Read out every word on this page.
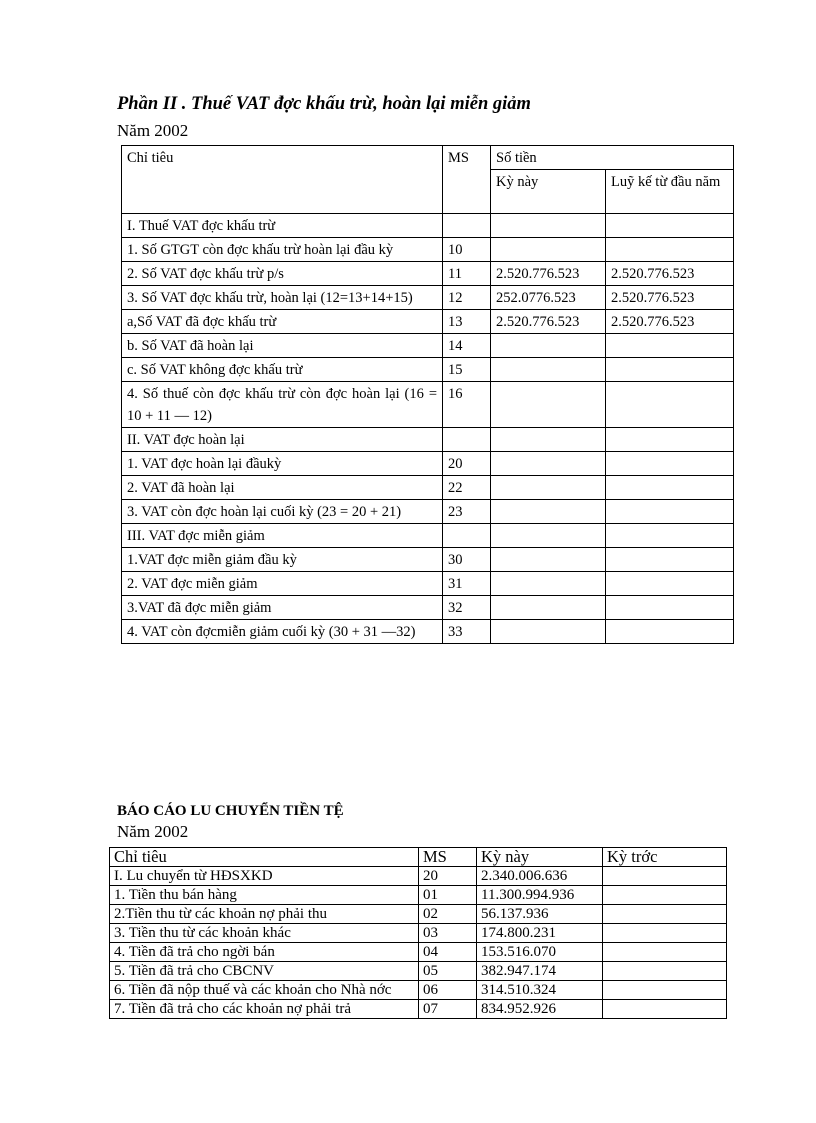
Phần II . Thuế VAT đợc khấu trừ, hoàn lại miễn giảm
Năm 2002
Chỉ tiêu	MS	Số tiền	
		Kỳ này	Luỹ kế từ đầu năm
I. Thuế VAT đợc khấu trừ			
1. Số GTGT còn đợc khấu trừ hoàn lại đầu kỳ	10		
2. Số VAT đợc khấu trừ p/s	11	2.520.776.523	2.520.776.523
3. Số VAT đợc khấu trừ, hoàn lại (12=13+14+15)	12	252.0776.523	2.520.776.523
a,Số VAT đã đợc khấu trừ	13	2.520.776.523	2.520.776.523
b. Số VAT đã hoàn lại	14		
c. Số VAT không đợc khấu trừ	15		
4. Số thuế còn đợc khấu trừ còn đợc hoàn lại (16 = 10 + 11 — 12)	16		
II. VAT đợc hoàn lại			
1. VAT đợc hoàn lại đầukỳ	20		
2. VAT đã hoàn lại	22		
3. VAT còn đợc hoàn lại cuối kỳ (23 = 20 + 21)	23		
III. VAT đợc miễn giảm			
1.VAT đợc miễn giảm đầu kỳ	30		
2. VAT đợc miễn giảm	31		
3.VAT đã đợc miễn giảm	32		
4. VAT còn đợcmiễn giảm cuối kỳ (30 + 31 —32)	33		
BÁO CÁO LU CHUYỂN TIỀN TỆ
Năm 2002
Chỉ tiêu	MS	Kỳ này	Kỳ trớc
I. Lu chuyển từ HĐSXKD	20	2.340.006.636	
1. Tiền thu bán hàng	01	11.300.994.936	
2.Tiền thu từ các khoản nợ phải thu	02	56.137.936	
3. Tiền thu từ các khoản khác	03	174.800.231	
4. Tiền đã trả cho ngời bán	04	153.516.070	
5. Tiền đã trả cho CBCNV	05	382.947.174	
6. Tiền đã nộp thuế và các khoản cho Nhà nớc	06	314.510.324	
7. Tiền đã trả cho các khoản nợ phải trả	07	834.952.926	
